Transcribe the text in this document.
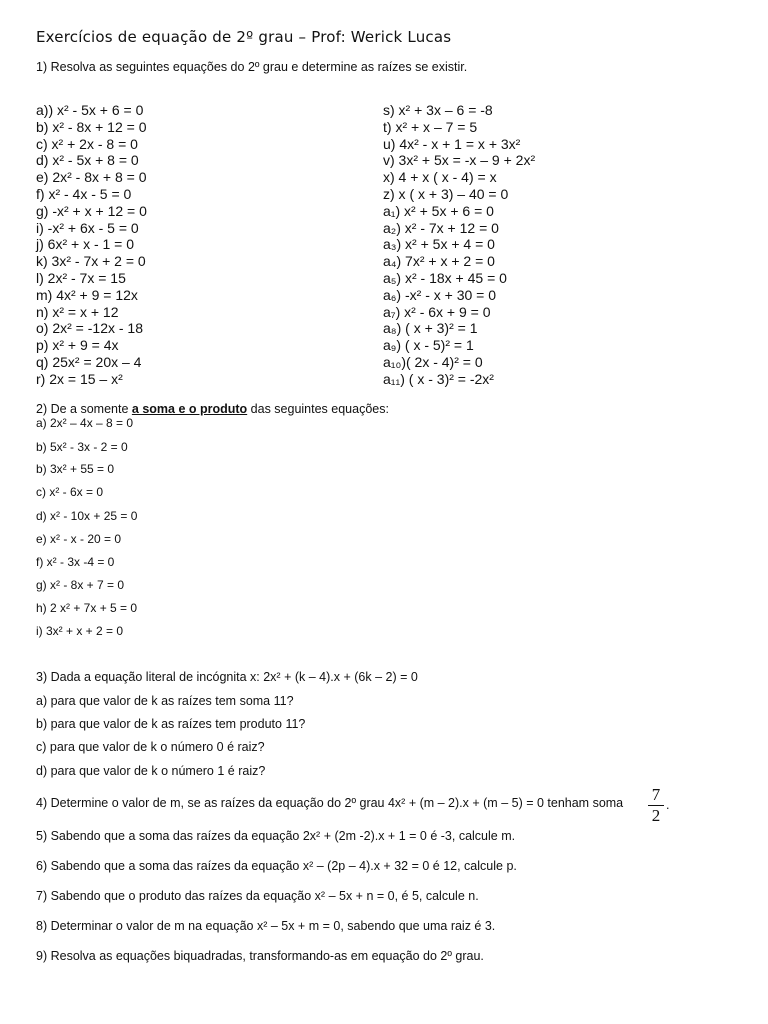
Exercícios de equação de 2º grau – Prof: Werick Lucas
1) Resolva as seguintes equações do 2º grau e determine as raízes se existir.
a)) x² - 5x + 6 = 0
b) x² - 8x + 12 = 0
c) x² + 2x - 8 = 0
d) x² - 5x + 8 = 0
e) 2x² - 8x + 8 = 0
f) x² - 4x - 5 = 0
g) -x² + x + 12 = 0
i) -x² + 6x - 5 = 0
j) 6x² + x - 1 = 0
k) 3x² - 7x + 2 = 0
l) 2x² - 7x = 15
m) 4x² + 9 = 12x
n) x² = x + 12
o) 2x² = -12x - 18
p) x² + 9 = 4x
q) 25x² = 20x – 4
r) 2x = 15 – x²
s) x² + 3x – 6 = -8
t) x² + x – 7 = 5
u) 4x² - x + 1 = x + 3x²
v) 3x² + 5x = -x – 9 + 2x²
x) 4 + x ( x - 4) = x
z) x ( x + 3) – 40 = 0
a₁) x² + 5x + 6 = 0
a₂) x² - 7x + 12 = 0
a₃) x² + 5x + 4 = 0
a₄) 7x² + x + 2 = 0
a₅) x² - 18x + 45 = 0
a₆) -x² - x + 30 = 0
a₇) x² - 6x + 9 = 0
a₈) ( x + 3)² = 1
a₉) ( x - 5)² = 1
a₁₀)( 2x - 4)² = 0
a₁₁) ( x - 3)² = -2x²
2) De a somente a soma e o produto das seguintes equações:
a) 2x² – 4x – 8 = 0
b) 5x² - 3x - 2 = 0
b) 3x² + 55 = 0
c) x² - 6x = 0
d) x² - 10x + 25 = 0
e) x² - x - 20 = 0
f) x² - 3x -4 = 0
g) x² - 8x + 7 = 0
h) 2 x² + 7x + 5 = 0
i) 3x² + x + 2 = 0
3) Dada a equação literal de incógnita x: 2x² + (k – 4).x + (6k – 2) = 0
a) para que valor de k as raízes tem soma 11?
b) para que valor de k as raízes tem produto 11?
c) para que valor de k o número 0 é raiz?
d) para que valor de k o número 1 é raiz?
4) Determine o valor de m, se as raízes da equação do 2º grau 4x² + (m – 2).x + (m – 5) = 0 tenham soma 7
2
.
5) Sabendo que a soma das raízes da equação 2x² + (2m -2).x + 1 = 0 é -3, calcule m.
6) Sabendo que a soma das raízes da equação x² – (2p – 4).x + 32 = 0 é 12, calcule p.
7) Sabendo que o produto das raízes da equação x² – 5x + n = 0, é 5, calcule n.
8) Determinar o valor de m na equação x² – 5x + m = 0, sabendo que uma raiz é 3.
9) Resolva as equações biquadradas, transformando-as em equação do 2º grau.
